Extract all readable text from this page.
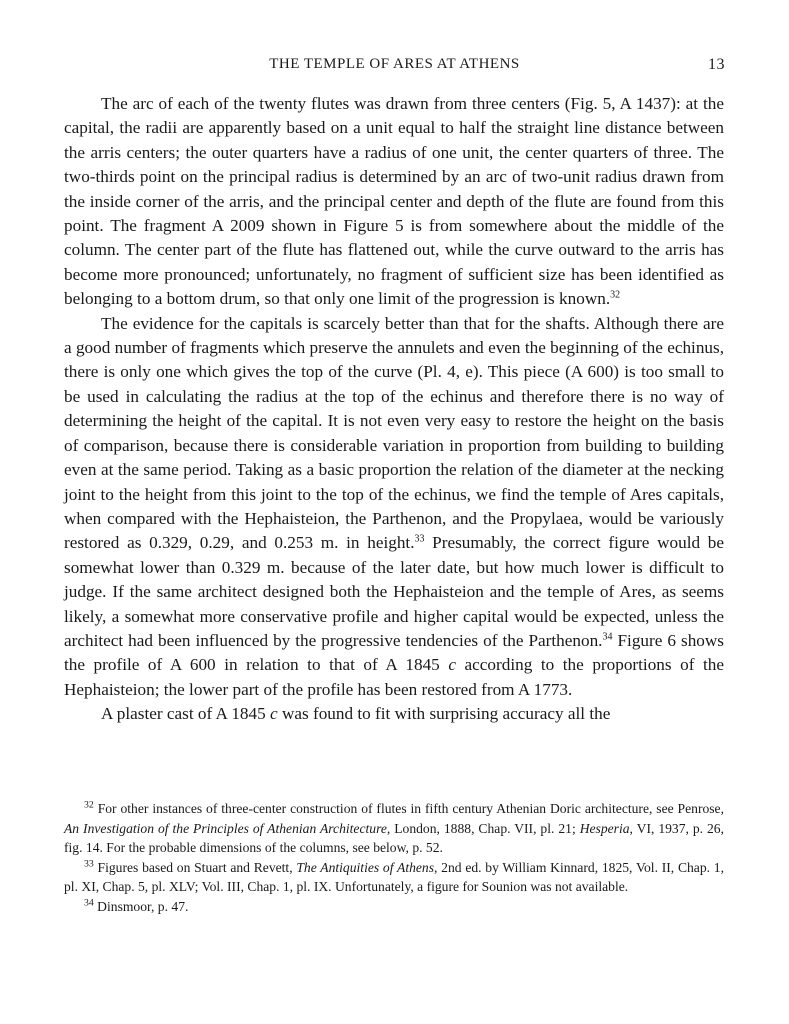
THE TEMPLE OF ARES AT ATHENS	13

The arc of each of the twenty flutes was drawn from three centers (Fig. 5, A 1437): at the capital, the radii are apparently based on a unit equal to half the straight line distance between the arris centers; the outer quarters have a radius of one unit, the center quarters of three. The two-thirds point on the principal radius is determined by an arc of two-unit radius drawn from the inside corner of the arris, and the principal center and depth of the flute are found from this point. The fragment A 2009 shown in Figure 5 is from somewhere about the middle of the column. The center part of the flute has flattened out, while the curve outward to the arris has become more pronounced; unfortunately, no fragment of sufficient size has been identified as belonging to a bottom drum, so that only one limit of the progression is known.$^{32}$

The evidence for the capitals is scarcely better than that for the shafts. Although there are a good number of fragments which preserve the annulets and even the beginning of the echinus, there is only one which gives the top of the curve (Pl. 4, e). This piece (A 600) is too small to be used in calculating the radius at the top of the echinus and therefore there is no way of determining the height of the capital. It is not even very easy to restore the height on the basis of comparison, because there is considerable variation in proportion from building to building even at the same period. Taking as a basic proportion the relation of the diameter at the necking joint to the height from this joint to the top of the echinus, we find the temple of Ares capitals, when compared with the Hephaisteion, the Parthenon, and the Propylaea, would be variously restored as 0.329, 0.29, and 0.253 m. in height.$^{33}$ Presumably, the correct figure would be somewhat lower than 0.329 m. because of the later date, but how much lower is difficult to judge. If the same architect designed both the Hephaisteion and the temple of Ares, as seems likely, a somewhat more conservative profile and higher capital would be expected, unless the architect had been influenced by the progressive tendencies of the Parthenon.$^{34}$ Figure 6 shows the profile of A 600 in relation to that of A 1845 c according to the proportions of the Hephaisteion; the lower part of the profile has been restored from A 1773.

A plaster cast of A 1845 c was found to fit with surprising accuracy all the

$^{32}$ For other instances of three-center construction of flutes in fifth century Athenian Doric architecture, see Penrose, An Investigation of the Principles of Athenian Architecture, London, 1888, Chap. VII, pl. 21; Hesperia, VI, 1937, p. 26, fig. 14. For the probable dimensions of the columns, see below, p. 52.

$^{33}$ Figures based on Stuart and Revett, The Antiquities of Athens, 2nd ed. by William Kinnard, 1825, Vol. II, Chap. 1, pl. XI, Chap. 5, pl. XLV; Vol. III, Chap. 1, pl. IX. Unfortunately, a figure for Sounion was not available.

$^{34}$ Dinsmoor, p. 47.
